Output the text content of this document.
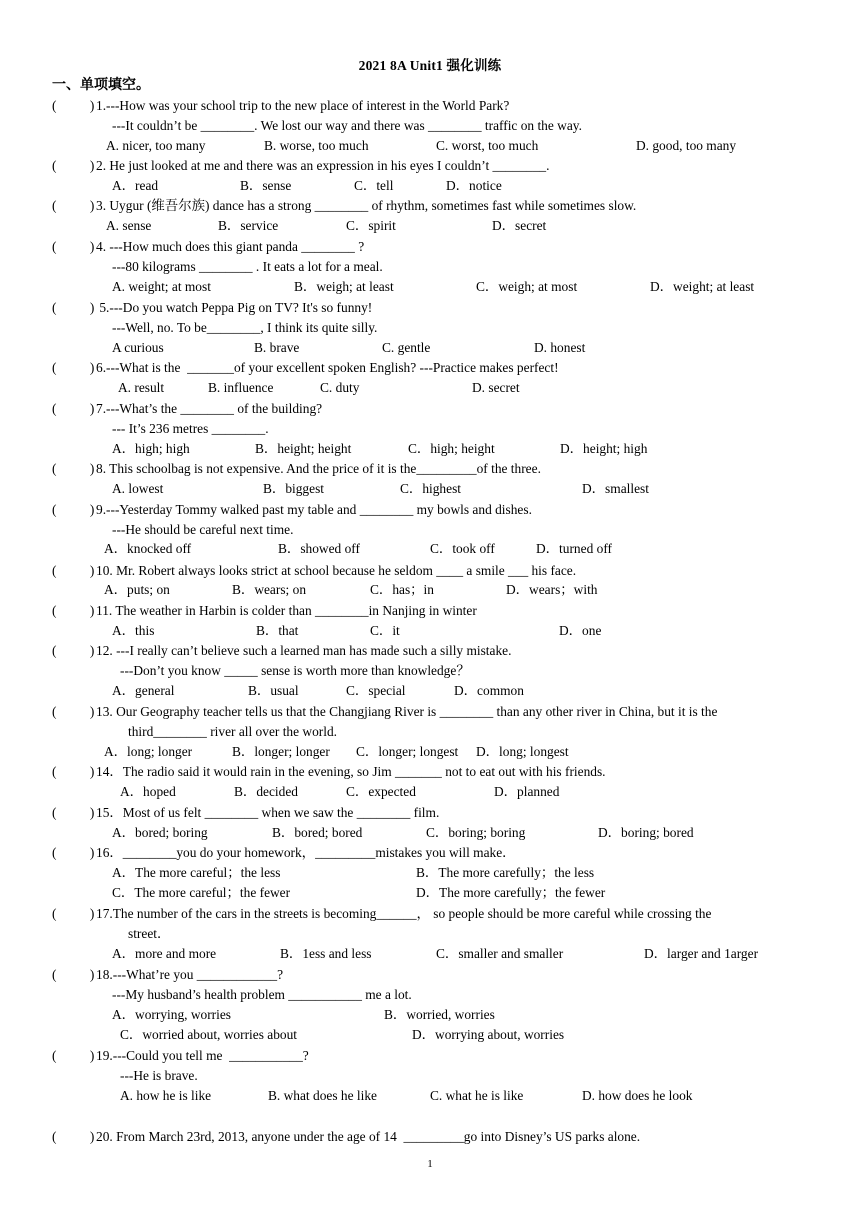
2021 8A Unit1 强化训练
一、单项填空。
(          ) 1.---How was your school trip to the new place of interest in the World Park?
---It couldn’t be ________. We lost our way and there was ________ traffic on the way.
A. nicer, too many	B. worse, too much	C. worst, too much	D. good, too many
(          ) 2. He just looked at me and there was an expression in his eyes I couldn’t ________.
A．read	B．sense	C．tell	D．notice
(          ) 3. Uygur (维吾尔族) dance has a strong ________ of rhythm, sometimes fast while sometimes slow.
A. sense	B．service	C．spirit	D．secret
(          ) 4. ---How much does this giant panda ________ ?
---80 kilograms ________ . It eats a lot for a meal.
A. weight; at most	B．weigh; at least	C．weigh; at most	D．weight; at least
(          ) 5.---Do you watch Peppa Pig on TV? It's so funny!
---Well, no. To be________, I think its quite silly.
A curious	B. brave	C. gentle	D. honest
(          ) 6.---What is the  _______of your excellent spoken English? ---Practice makes perfect!
A. result	B. influence	C. duty	D. secret
(          ) 7.---What’s the ________ of the building?
--- It’s 236 metres ________.
A．high; high	B．height; height	C．high; height	D．height; high
(          ) 8. This schoolbag is not expensive. And the price of it is the_________of the three.
A. lowest	B．biggest	C．highest	D．smallest
(          ) 9.---Yesterday Tommy walked past my table and ________ my bowls and dishes.
---He should be careful next time.
A．knocked off	B．showed off	C．took off	D．turned off
(          ) 10. Mr. Robert always looks strict at school because he seldom ____ a smile ___ his face.
A．puts; on	B．wears; on	C．has；in	D．wears；with
(          ) 11. The weather in Harbin is colder than ________in Nanjing in winter
A．this	B．that	C．it	D．one
(          ) 12. ---I really can’t believe such a learned man has made such a silly mistake.
---Don’t you know _____ sense is worth more than knowledge？
A．general	B．usual	C．special	D．common
(          ) 13. Our Geography teacher tells us that the Changjiang River is ________ than any other river in China, but it is the
third________ river all over the world.
A．long; longer	B．longer; longer C．longer; longest D．long; longest
(          ) 14．The radio said it would rain in the evening, so Jim _______ not to eat out with his friends.
A．hoped	B．decided	C．expected	D．planned
(          ) 15．Most of us felt ________ when we saw the ________ film.
A．bored; boring	B．bored; bored	C．boring; boring	D．boring; bored
(          ) 16．________you do your homework，_________mistakes you will make．
A．The more careful；the less	B．The more carefully；the less
C．The more careful；the fewer	D．The more carefully；the fewer
(          ) 17.The number of the cars in the streets is becoming______， so people should be more careful while crossing the
street．
A．more and more	B．1ess and less	C．smaller and smaller	D．larger and 1arger
(          ) 18.---What’re you ____________?
---My husband’s health problem ___________ me a lot.
A．worrying, worries	B．worried, worries
C．worried about, worries about	D．worrying about, worries
(          ) 19.---Could you tell me  ___________?
---He is brave.
A. how he is like	B. what does he like	C. what he is like	D. how does he look
(          ) 20. From March 23rd, 2013, anyone under the age of 14  _________go into Disney’s US parks alone.
1
